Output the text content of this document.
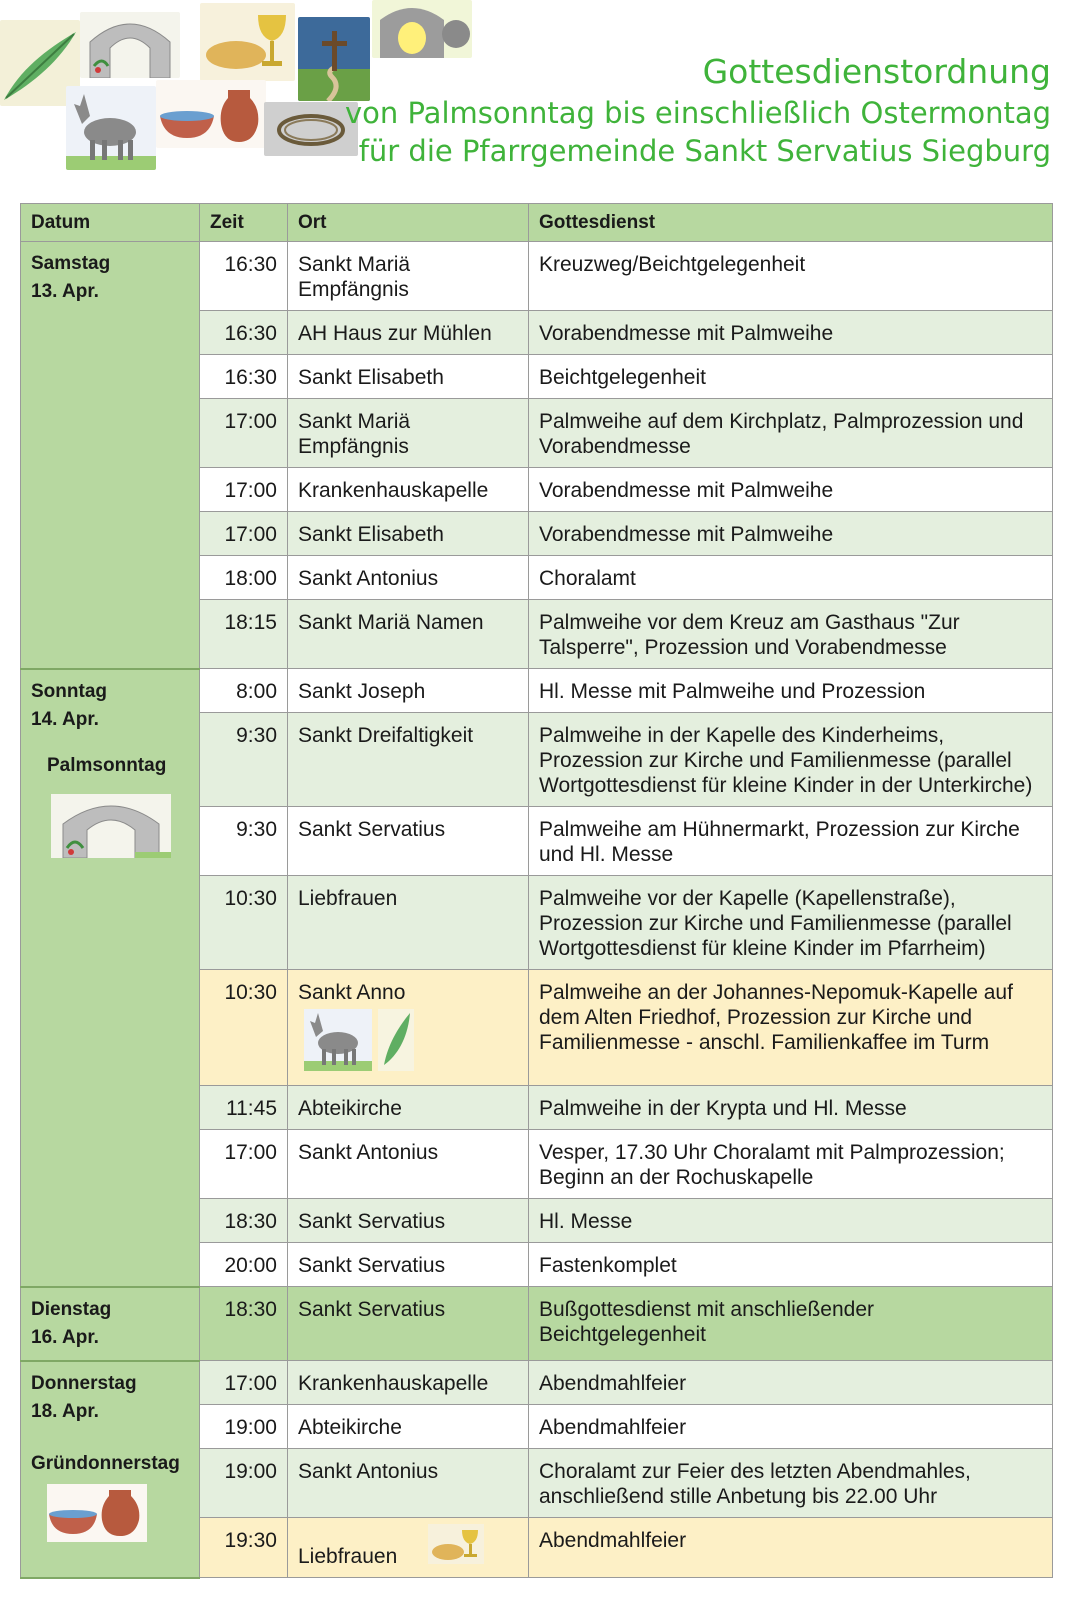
Gottesdienstordnung
von Palmsonntag bis einschließlich Ostermontag
für die Pfarrgemeinde Sankt Servatius Siegburg
Datum	Zeit	Ort	Gottesdienst

Samstag
13. Apr.	16:30	Sankt Mariä Empfängnis	Kreuzweg/Beichtgelegenheit
	16:30	AH Haus zur Mühlen	Vorabendmesse mit Palmweihe
	16:30	Sankt Elisabeth	Beichtgelegenheit
	17:00	Sankt Mariä Empfängnis	Palmweihe auf dem Kirchplatz, Palmprozession und Vorabendmesse
	17:00	Krankenhauskapelle	Vorabendmesse mit Palmweihe
	17:00	Sankt Elisabeth	Vorabendmesse mit Palmweihe
	18:00	Sankt Antonius	Choralamt
	18:15	Sankt Mariä Namen	Palmweihe vor dem Kreuz am Gasthaus "Zur Talsperre", Prozession und Vorabendmesse

Sonntag
14. Apr.
Palmsonntag	8:00	Sankt Joseph	Hl. Messe mit Palmweihe und Prozession
	9:30	Sankt Dreifaltigkeit	Palmweihe in der Kapelle des Kinderheims, Prozession zur Kirche und Familienmesse (parallel Wortgottesdienst für kleine Kinder in der Unterkirche)
	9:30	Sankt Servatius	Palmweihe am Hühnermarkt, Prozession zur Kirche und Hl. Messe
	10:30	Liebfrauen	Palmweihe vor der Kapelle (Kapellenstraße), Prozession zur Kirche und Familienmesse (parallel Wortgottesdienst für kleine Kinder im Pfarrheim)
	10:30	Sankt Anno	Palmweihe an der Johannes-Nepomuk-Kapelle auf dem Alten Friedhof, Prozession zur Kirche und Familienmesse - anschl. Familienkaffee im Turm
	11:45	Abteikirche	Palmweihe in der Krypta und Hl. Messe
	17:00	Sankt Antonius	Vesper, 17.30 Uhr Choralamt mit Palmprozession; Beginn an der Rochuskapelle
	18:30	Sankt Servatius	Hl. Messe
	20:00	Sankt Servatius	Fastenkomplet

Dienstag
16. Apr.	18:30	Sankt Servatius	Bußgottesdienst mit anschließender Beichtgelegenheit

Donnerstag
18. Apr.
Gründonnerstag	17:00	Krankenhauskapelle	Abendmahlfeier
	19:00	Abteikirche	Abendmahlfeier
	19:00	Sankt Antonius	Choralamt zur Feier des letzten Abendmahles, anschließend stille Anbetung bis 22.00 Uhr
	19:30	Liebfrauen	Abendmahlfeier
